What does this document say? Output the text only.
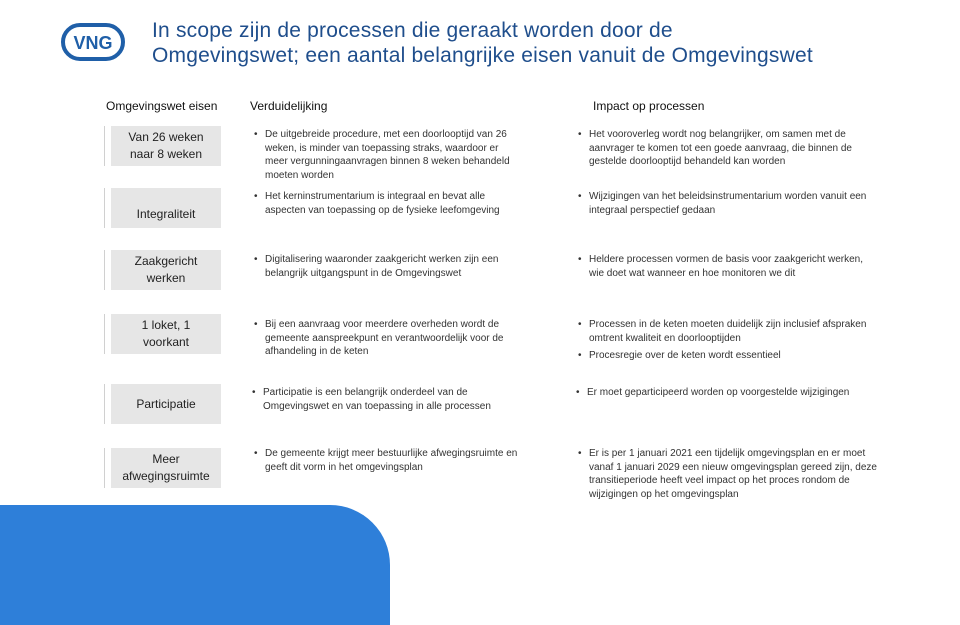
VNG
In scope zijn de processen die geraakt worden door de
Omgevingswet; een aantal belangrijke eisen vanuit de Omgevingswet
Omgevingswet eisen	Verduidelijking	Impact op processen
Van 26 weken
naar 8 weken
Integraliteit
Zaakgericht
werken
1 loket, 1
voorkant
Participatie
Meer
afwegingsruimte
• De uitgebreide procedure, met een doorlooptijd van 26
weken, is minder van toepassing straks, waardoor er
meer vergunningaanvragen binnen 8 weken behandeld
moeten worden
• Het kerninstrumentarium is integraal en bevat alle
aspecten van toepassing op de fysieke leefomgeving
• Digitalisering waaronder zaakgericht werken zijn een
belangrijk uitgangspunt in de Omgevingswet
• Bij een aanvraag voor meerdere overheden wordt de
gemeente aanspreekpunt en verantwoordelijk voor de
afhandeling in de keten
• Participatie is een belangrijk onderdeel van de
Omgevingswet en van toepassing in alle processen
• De gemeente krijgt meer bestuurlijke afwegingsruimte en
geeft dit vorm in het omgevingsplan
• Het vooroverleg wordt nog belangrijker, om samen met de
aanvrager te komen tot een goede aanvraag, die binnen de
gestelde doorlooptijd behandeld kan worden
• Wijzigingen van het beleidsinstrumentarium worden vanuit een
integraal perspectief gedaan
• Heldere processen vormen de basis voor zaakgericht werken,
wie doet wat wanneer en hoe monitoren we dit
• Processen in de keten moeten duidelijk zijn inclusief afspraken
omtrent kwaliteit en doorlooptijden
• Procesregie over de keten wordt essentieel
• Er moet geparticipeerd worden op voorgestelde wijzigingen
• Er is per 1 januari 2021 een tijdelijk omgevingsplan en er moet
vanaf 1 januari 2029 een nieuw omgevingsplan gereed zijn, deze
transitieperiode heeft veel impact op het proces rondom de
wijzigingen op het omgevingsplan
